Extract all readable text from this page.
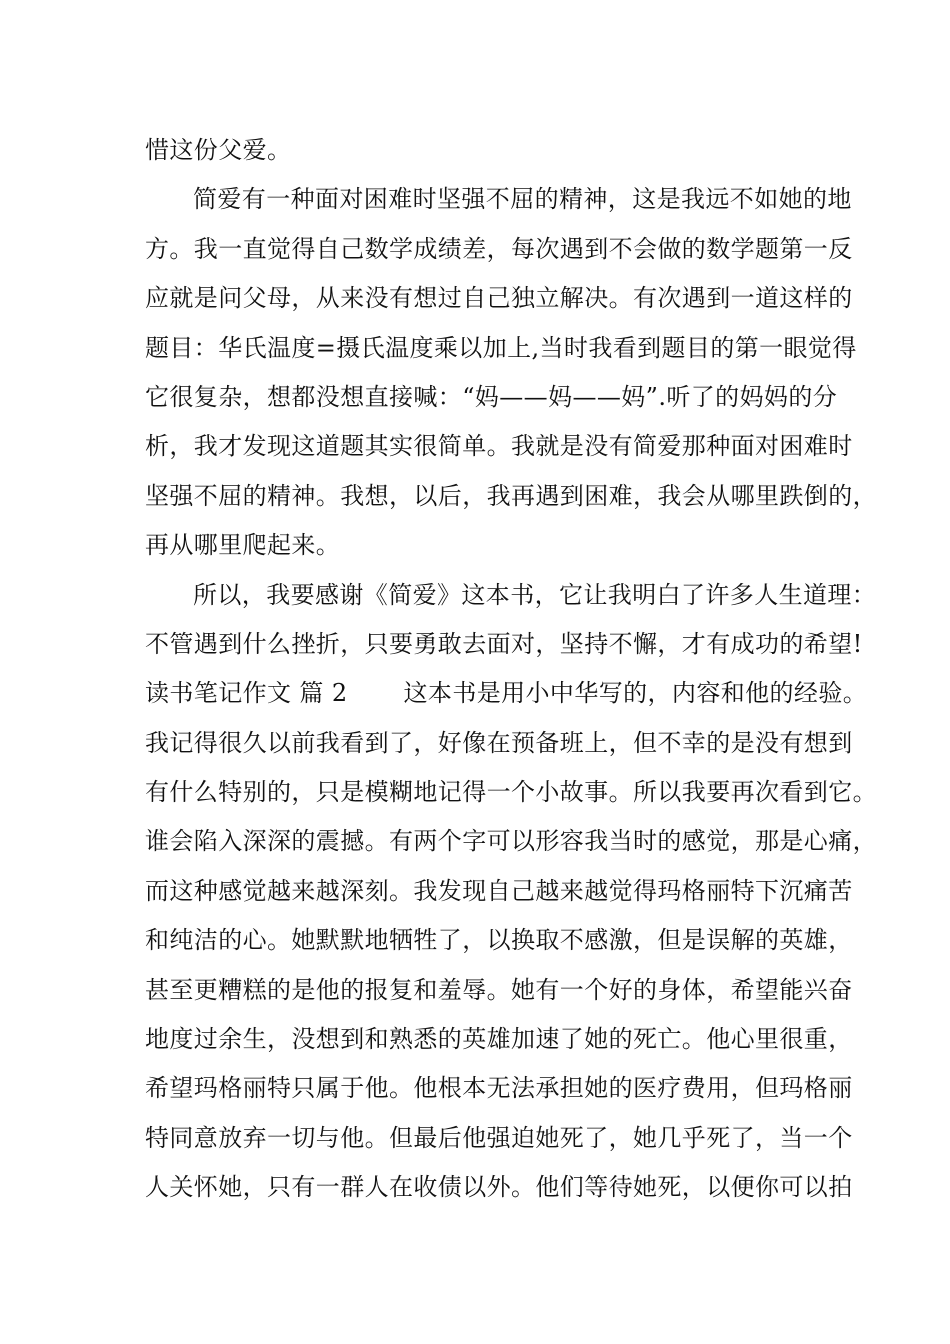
惜这份父爱。
简爱有一种面对困难时坚强不屈的精神，这是我远不如她的地
方。我一直觉得自己数学成绩差，每次遇到不会做的数学题第一反
应就是问父母，从来没有想过自己独立解决。有次遇到一道这样的
题目：华氏温度=摄氏温度乘以加上,当时我看到题目的第一眼觉得
它很复杂，想都没想直接喊：“妈——妈——妈”.听了的妈妈的分
析，我才发现这道题其实很简单。我就是没有简爱那种面对困难时
坚强不屈的精神。我想，以后，我再遇到困难，我会从哪里跌倒的，
再从哪里爬起来。
所以，我要感谢《简爱》这本书，它让我明白了许多人生道理：
不管遇到什么挫折，只要勇敢去面对，坚持不懈，才有成功的希望!
读书笔记作文 篇 2 这本书是用小中华写的，内容和他的经验。
我记得很久以前我看到了，好像在预备班上，但不幸的是没有想到
有什么特别的，只是模糊地记得一个小故事。所以我要再次看到它。
谁会陷入深深的震撼。有两个字可以形容我当时的感觉，那是心痛，
而这种感觉越来越深刻。我发现自己越来越觉得玛格丽特下沉痛苦
和纯洁的心。她默默地牺牲了，以换取不感激，但是误解的英雄，
甚至更糟糕的是他的报复和羞辱。她有一个好的身体，希望能兴奋
地度过余生，没想到和熟悉的英雄加速了她的死亡。他心里很重，
希望玛格丽特只属于他。他根本无法承担她的医疗费用，但玛格丽
特同意放弃一切与他。但最后他强迫她死了，她几乎死了，当一个
人关怀她，只有一群人在收债以外。他们等待她死，以便你可以拍
